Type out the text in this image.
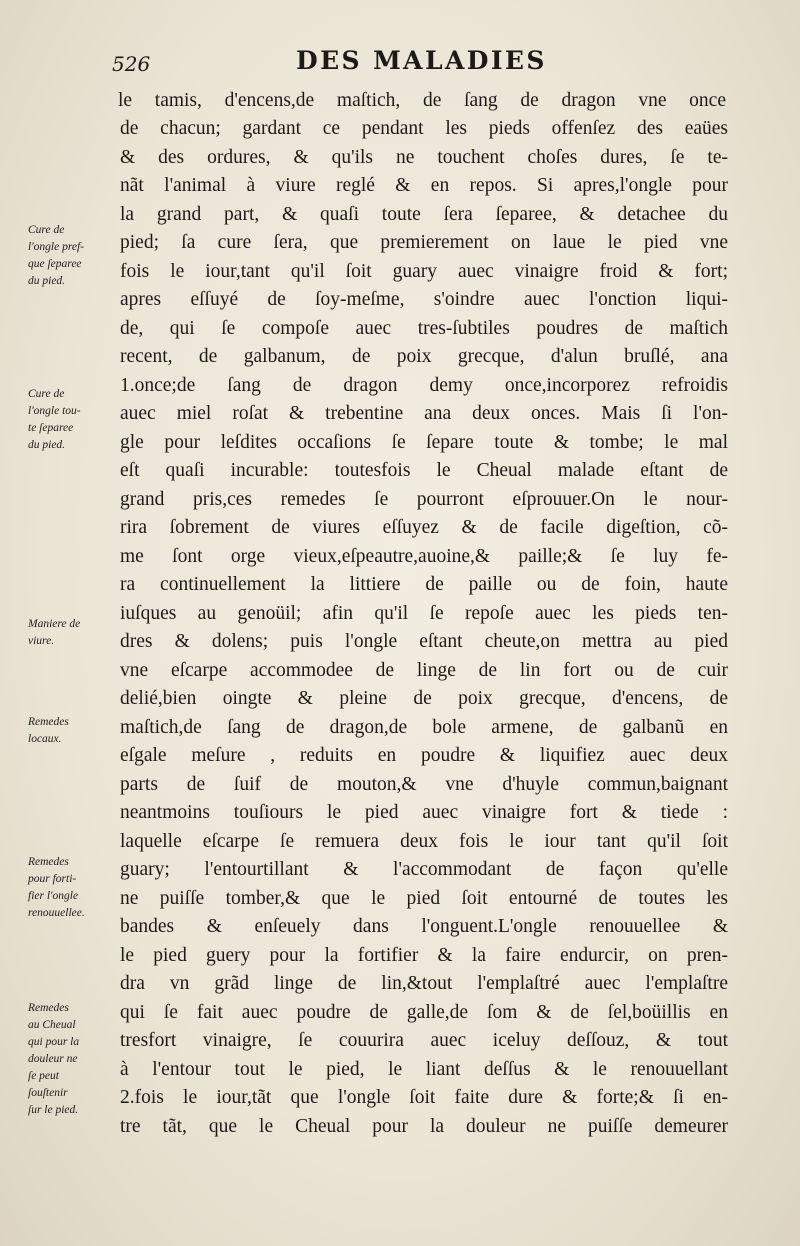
526	DES MALADIES
Cure de
l'ongle pref-
que ſeparee
du pied.
Cure de
l'ongle tou-
te ſeparee
du pied.
Maniere de
viure.
Remedes
locaux.
Remedes
pour forti-
fier l'ongle
renouuellee.
Remedes
au Cheual
qui pour la
douleur ne
ſe peut
ſouſtenir
ſur le pied.
le tamis, d'encens,de maſtich, de ſang de dragon vne once
de chacun; gardant ce pendant les pieds offenſez des eaües
& des ordures, & qu'ils ne touchent choſes dures, ſe te-
nãt l'animal à viure reglé & en repos. Si apres,l'ongle pour
la grand part, & quaſi toute ſera ſeparee, & detachee du
pied; ſa cure ſera, que premierement on laue le pied vne
fois le iour,tant qu'il ſoit guary auec vinaigre froid & fort;
apres eſſuyé de ſoy-meſme, s'oindre auec l'onction liqui-
de, qui ſe compoſe auec tres-ſubtiles poudres de maſtich
recent, de galbanum, de poix grecque, d'alun bruſlé, ana
1.once;de ſang de dragon demy once,incorporez refroidis
auec miel roſat & trebentine ana deux onces. Mais ſi l'on-
gle pour leſdites occaſions ſe ſepare toute & tombe; le mal
eſt quaſi incurable: toutesfois le Cheual malade eſtant de
grand pris,ces remedes ſe pourront eſprouuer.On le nour-
rira ſobrement de viures eſſuyez & de facile digeſtion, cõ-
me ſont orge vieux,eſpeautre,auoine,& paille;& ſe luy fe-
ra continuellement la littiere de paille ou de foin, haute
iuſques au genoüil; afin qu'il ſe repoſe auec les pieds ten-
dres & dolens; puis l'ongle eſtant cheute,on mettra au pied
vne eſcarpe accommodee de linge de lin fort ou de cuir
delié,bien oingte & pleine de poix grecque, d'encens, de
maſtich,de ſang de dragon,de bole armene, de galbanũ en
eſgale meſure , reduits en poudre & liquifiez auec deux
parts de ſuif de mouton,& vne d'huyle commun,baignant
neantmoins touſiours le pied auec vinaigre fort & tiede :
laquelle eſcarpe ſe remuera deux fois le iour tant qu'il ſoit
guary; l'entourtillant & l'accommodant de façon qu'elle
ne puiſſe tomber,& que le pied ſoit entourné de toutes les
bandes & enſeuely dans l'onguent.L'ongle renouuellee &
le pied guery pour la fortifier & la faire endurcir, on pren-
dra vn grãd linge de lin,&tout l'emplaſtré auec l'emplaſtre
qui ſe fait auec poudre de galle,de ſom & de ſel,boüillis en
tresfort vinaigre, ſe couurira auec iceluy deſſouz, & tout
à l'entour tout le pied, le liant deſſus & le renouuellant
2.fois le iour,tãt que l'ongle ſoit faite dure & forte;& ſi en-
tre tãt, que le Cheual pour la douleur ne puiſſe demeurer
